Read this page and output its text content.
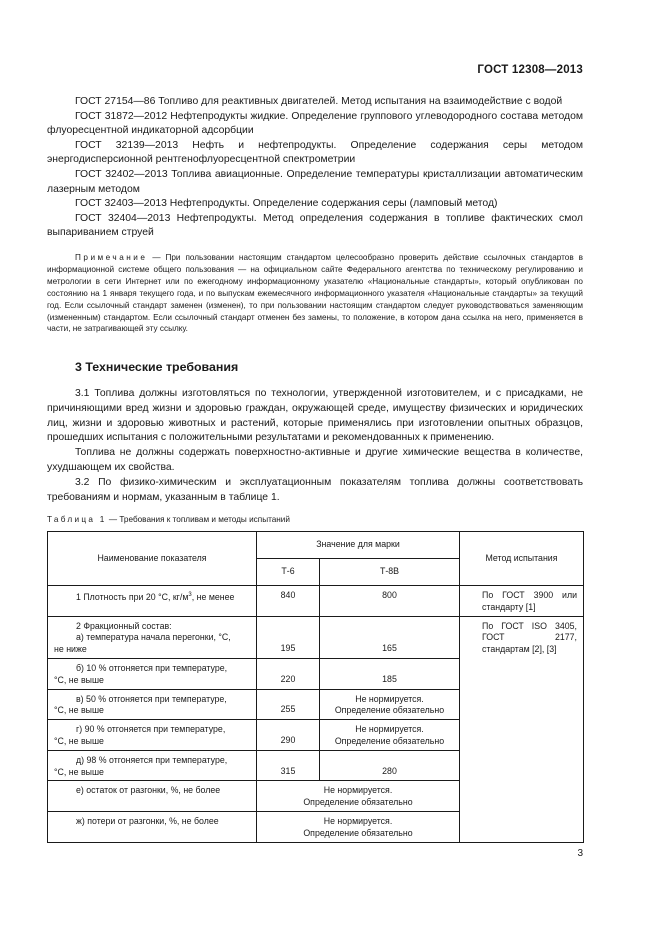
ГОСТ 12308—2013

ГОСТ 27154—86 Топливо для реактивных двигателей. Метод испытания на взаимодействие с водой

ГОСТ 31872—2012 Нефтепродукты жидкие. Определение группового углеводородного состава методом флуоресцентной индикаторной адсорбции

ГОСТ 32139—2013 Нефть и нефтепродукты. Определение содержания серы методом энергодисперсионной рентгенофлуоресцентной спектрометрии

ГОСТ 32402—2013 Топлива авиационные. Определение температуры кристаллизации автоматическим лазерным методом

ГОСТ 32403—2013 Нефтепродукты. Определение содержания серы (ламповый метод)

ГОСТ 32404—2013 Нефтепродукты. Метод определения содержания в топливе фактических смол выпариванием струей

Примечание — При пользовании настоящим стандартом целесообразно проверить действие ссылочных стандартов в информационной системе общего пользования — на официальном сайте Федерального агентства по техническому регулированию и метрологии в сети Интернет или по ежегодному информационному указателю «Национальные стандарты», который опубликован по состоянию на 1 января текущего года, и по выпускам ежемесячного информационного указателя «Национальные стандарты» за текущий год. Если ссылочный стандарт заменен (изменен), то при пользовании настоящим стандартом следует руководствоваться заменяющим (измененным) стандартом. Если ссылочный стандарт отменен без замены, то положение, в котором дана ссылка на него, применяется в части, не затрагивающей эту ссылку.

3 Технические требования

3.1 Топлива должны изготовляться по технологии, утвержденной изготовителем, и с присадками, не причиняющими вред жизни и здоровью граждан, окружающей среде, имуществу физических и юридических лиц, жизни и здоровью животных и растений, которые применялись при изготовлении опытных образцов, прошедших испытания с положительными результатами и рекомендованных к применению.

Топлива не должны содержать поверхностно-активные и другие химические вещества в количестве, ухудшающем их свойства.

3.2 По физико-химическим и эксплуатационным показателям топлива должны соответствовать требованиям и нормам, указанным в таблице 1.

Таблица 1 — Требования к топливам и методы испытаний
Наименование показателя	Значение для марки		Метод испытания
	Т-6	Т-8В	

1 Плотность при 20 °С, $кг/м^3$, не менее	840	800	По ГОСТ 3900 или стандарту [1]

2 Фракционный состав:
а) температура начала перегонки, °С,
не ниже	195	165	По ГОСТ ISO 3405, ГОСТ 2177, стандартам [2], [3]

б) 10 % отгоняется при температуре,
°С, не выше	220	185	

в) 50 % отгоняется при температуре,
°С, не выше	255	Не нормируется.
Определение обязательно	

г) 90 % отгоняется при температуре,
°С, не выше	290	Не нормируется.
Определение обязательно	

д) 98 % отгоняется при температуре,
°С, не выше	315	280	

е) остаток от разгонки, %, не более	Не нормируется.
Определение обязательно		

ж) потери от разгонки, %, не более	Не нормируется.
Определение обязательно		
3
